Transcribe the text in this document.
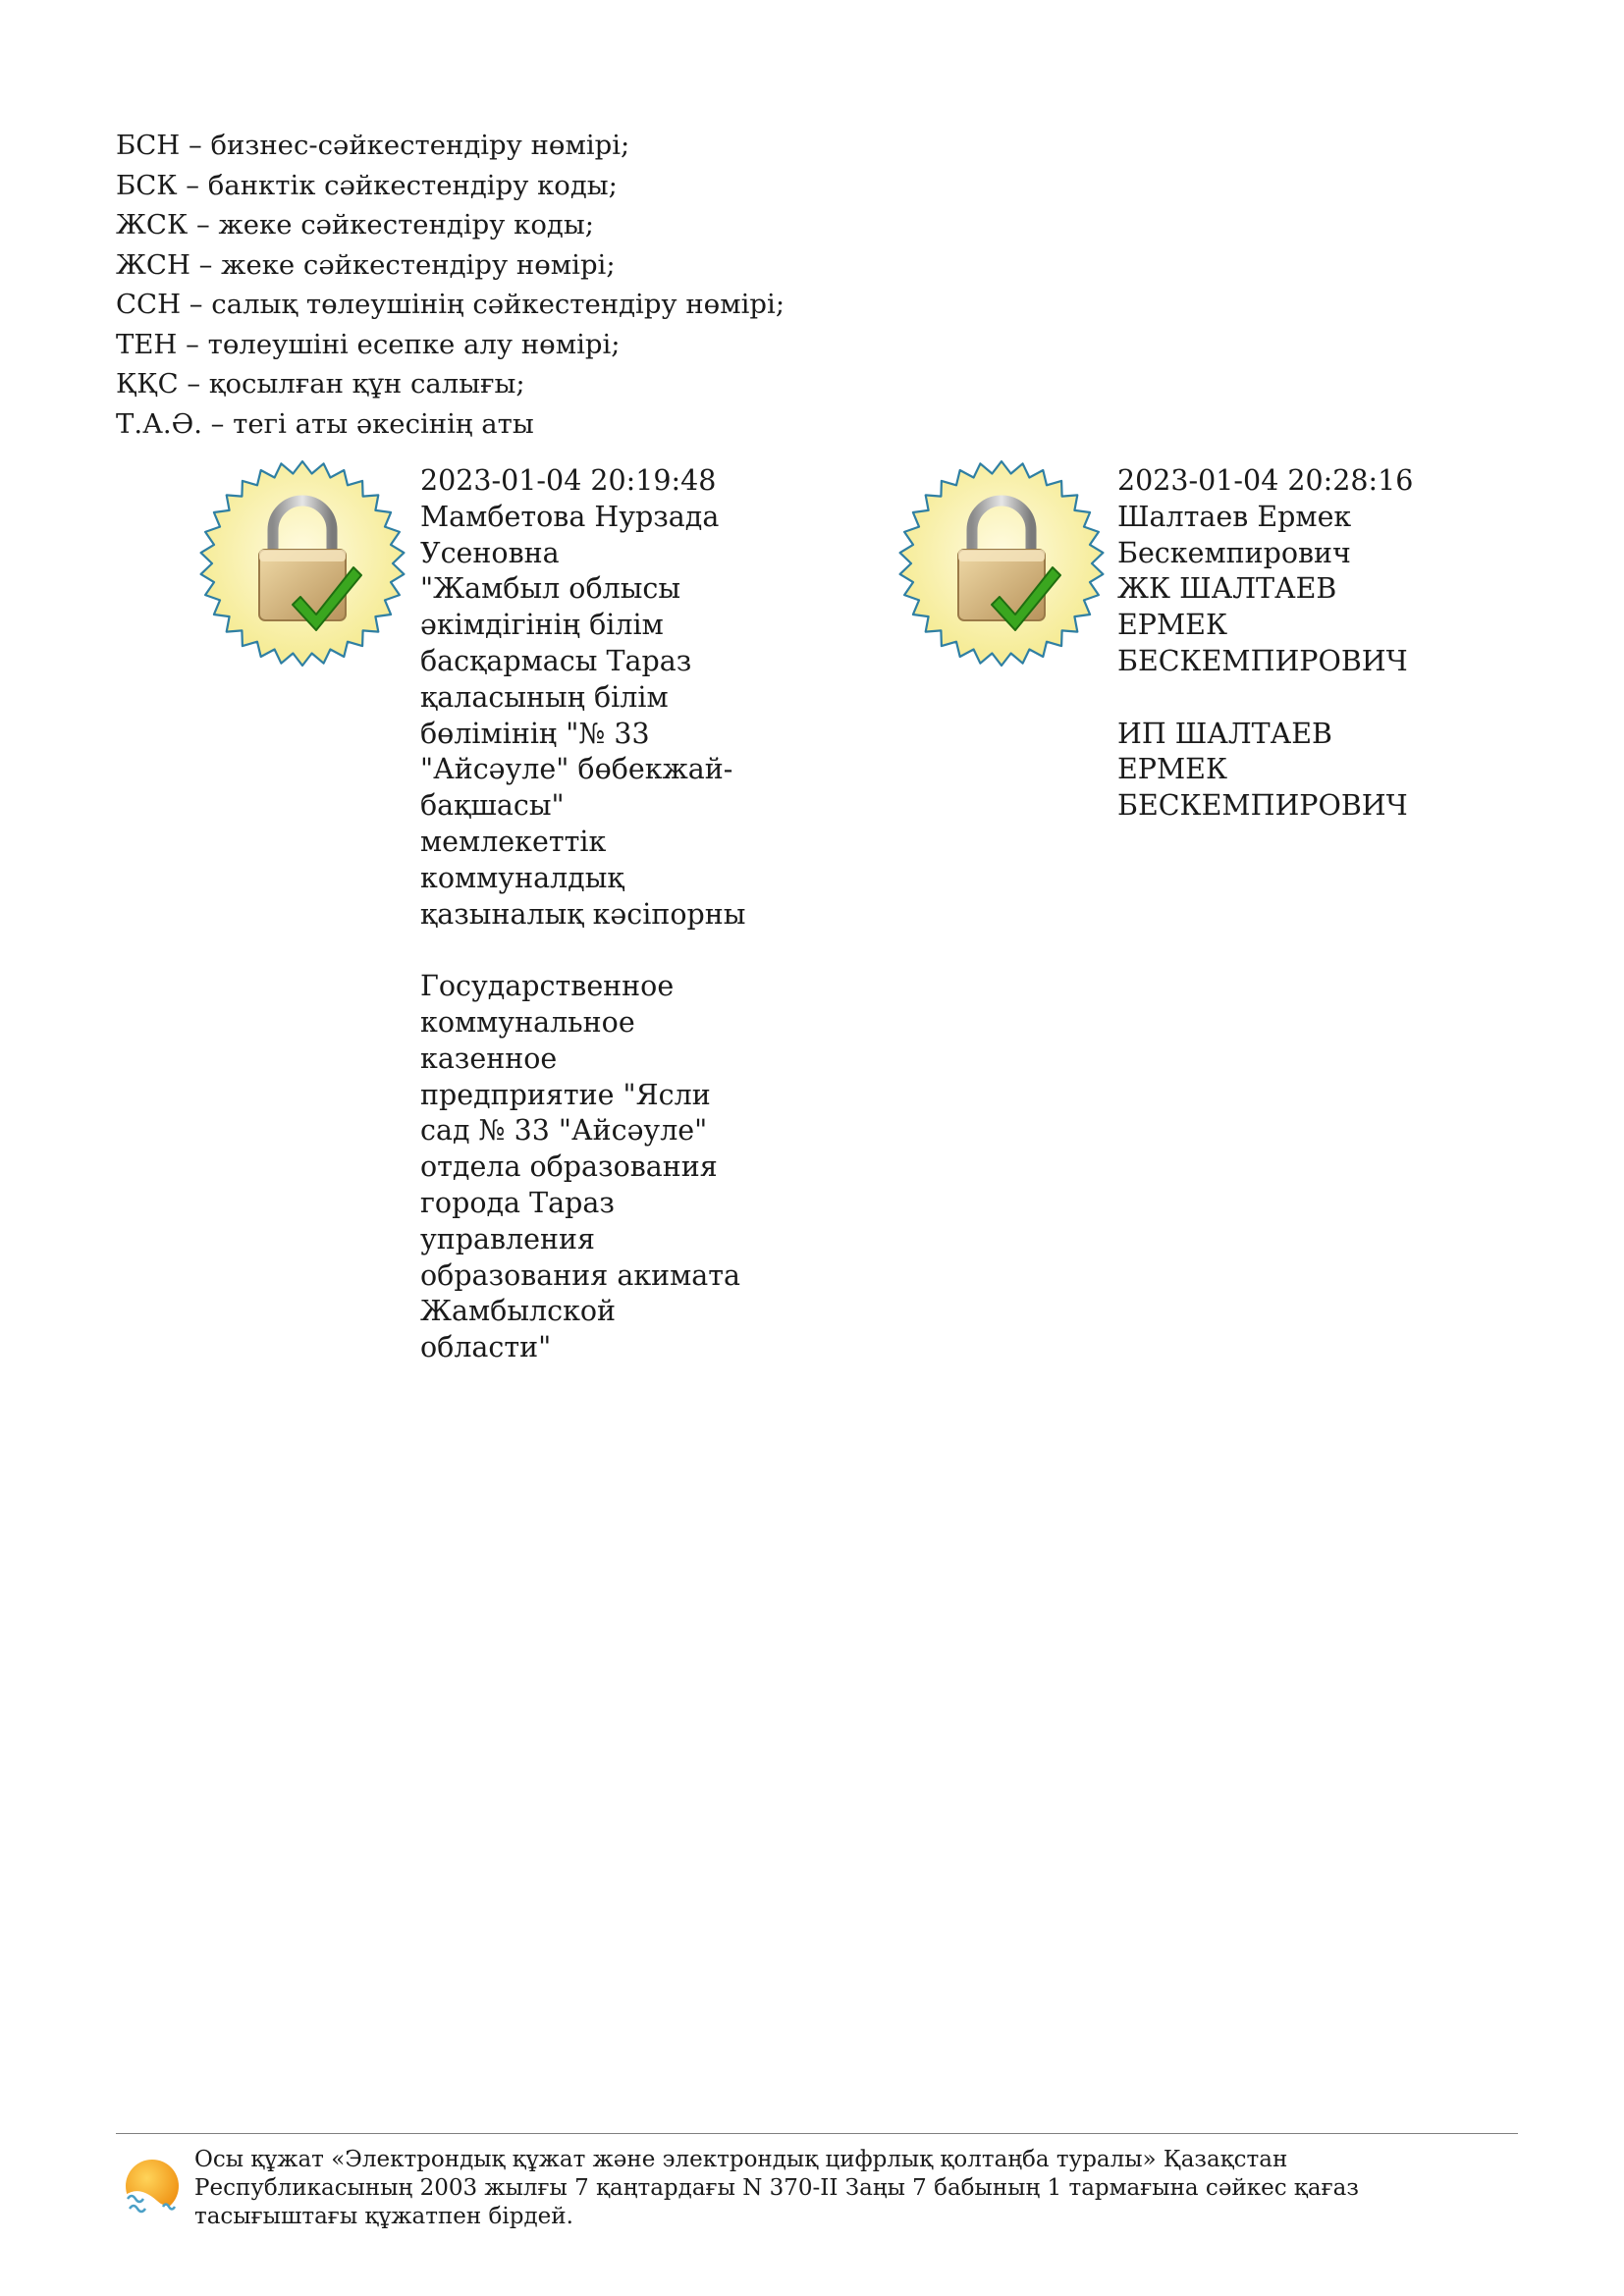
БСН – бизнес-сәйкестендіру нөмірі;
БСК – банктік сәйкестендіру коды;
ЖСК – жеке сәйкестендіру коды;
ЖСН – жеке сәйкестендіру нөмірі;
ССН – салық төлеушінің сәйкестендіру нөмірі;
ТЕН – төлеушіні есепке алу нөмірі;
ҚҚС – қосылған құн салығы;
Т.А.Ә. – тегі аты әкесінің аты
2023-01-04 20:19:48
Мамбетова Нурзада
Усеновна
"Жамбыл облысы
әкімдігінің білім
басқармасы Тараз
қаласының білім
бөлімінің "№ 33
"Айсәуле" бөбекжай-
бақшасы"
мемлекеттік
коммуналдық
қазыналық кәсіпорны
Государственное
коммунальное
казенное
предприятие "Ясли
сад № 33 "Айсәуле"
отдела образования
города Тараз
управления
образования акимата
Жамбылской
области"
2023-01-04 20:28:16
Шалтаев Ермек
Бескемпирович
ЖК ШАЛТАЕВ
ЕРМЕК
БЕСКЕМПИРОВИЧ
ИП ШАЛТАЕВ
ЕРМЕК
БЕСКЕМПИРОВИЧ
Осы құжат «Электрондық құжат және электрондық цифрлық қолтаңба туралы» Қазақстан
Республикасының 2003 жылғы 7 қаңтардағы N 370-II Заңы 7 бабының 1 тармағына сәйкес қағаз
тасығыштағы құжатпен бірдей.
